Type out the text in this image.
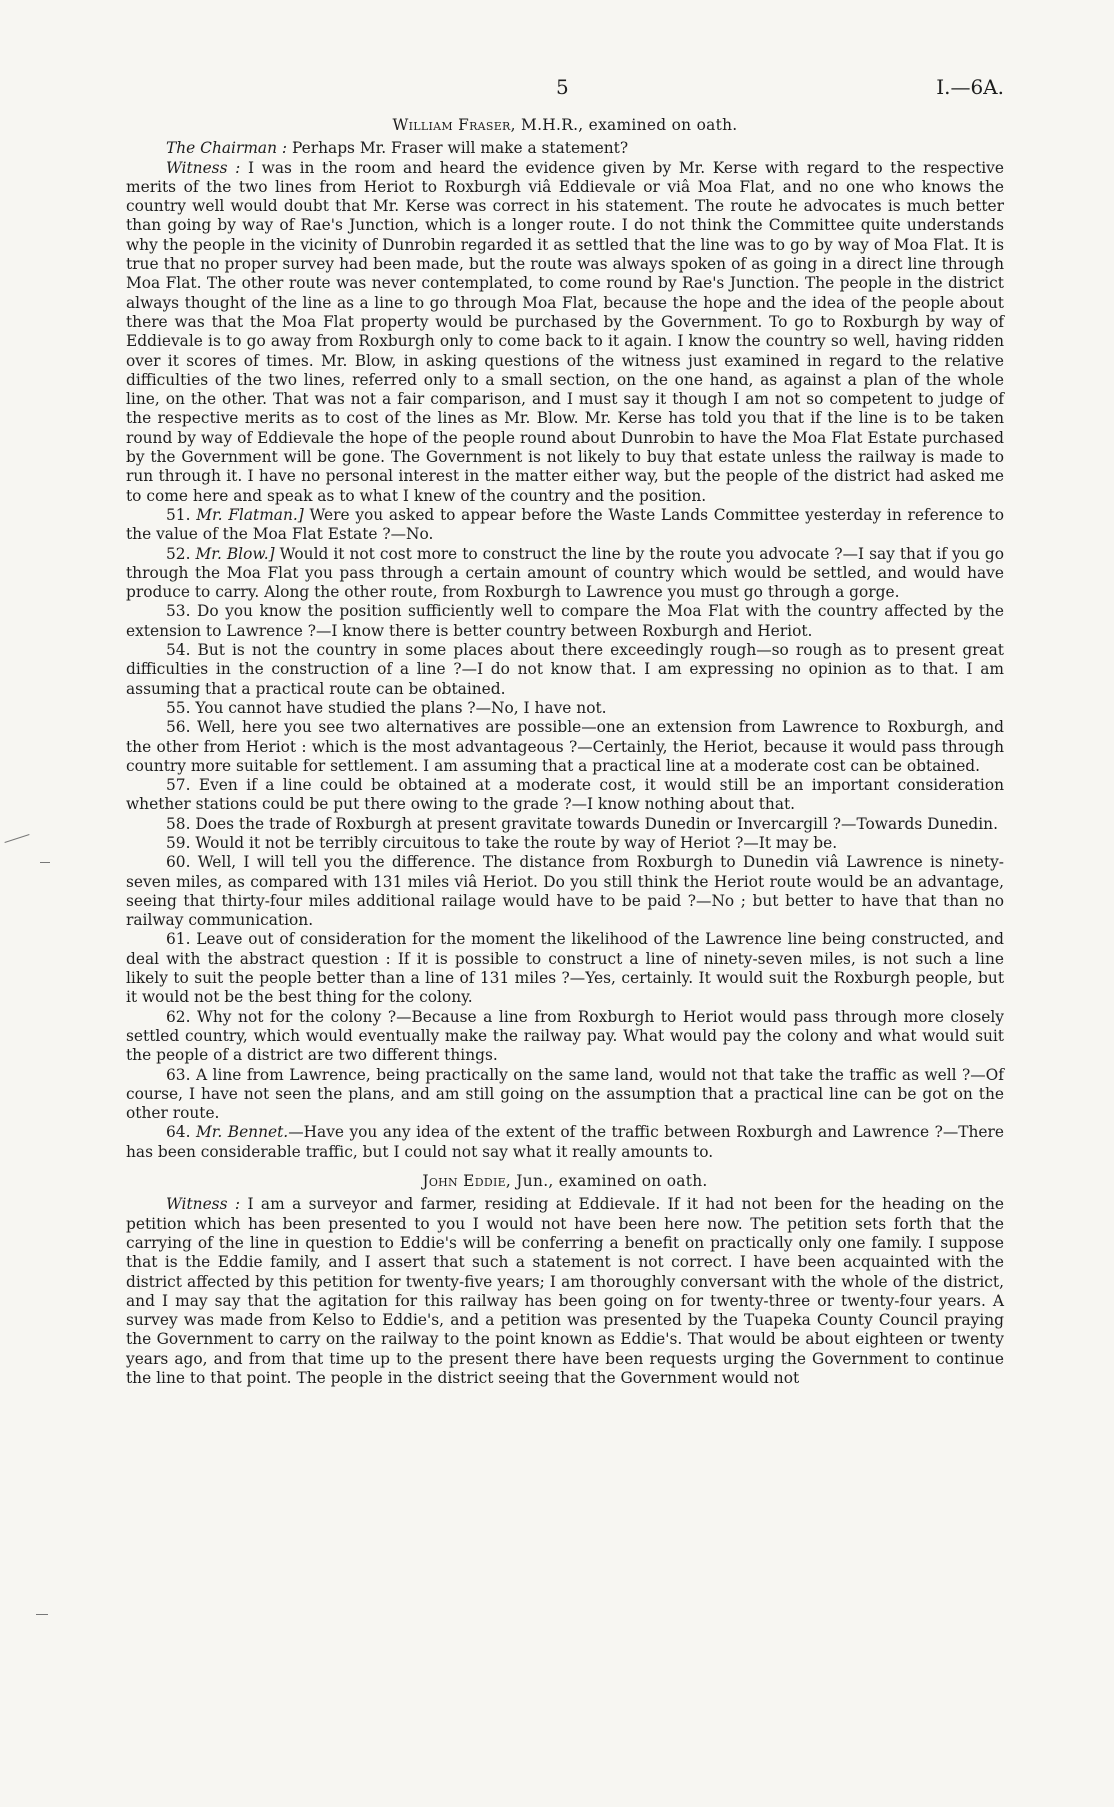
5	I.—6A.
William Fraser, M.H.R., examined on oath.

The Chairman : Perhaps Mr. Fraser will make a statement?

Witness : I was in the room and heard the evidence given by Mr. Kerse with regard to the respective merits of the two lines from Heriot to Roxburgh viâ Eddievale or viâ Moa Flat, and no one who knows the country well would doubt that Mr. Kerse was correct in his statement. The route he advocates is much better than going by way of Rae's Junction, which is a longer route. I do not think the Committee quite understands why the people in the vicinity of Dunrobin regarded it as settled that the line was to go by way of Moa Flat. It is true that no proper survey had been made, but the route was always spoken of as going in a direct line through Moa Flat. The other route was never contemplated, to come round by Rae's Junction. The people in the district always thought of the line as a line to go through Moa Flat, because the hope and the idea of the people about there was that the Moa Flat property would be purchased by the Government. To go to Roxburgh by way of Eddievale is to go away from Roxburgh only to come back to it again. I know the country so well, having ridden over it scores of times. Mr. Blow, in asking questions of the witness just examined in regard to the relative difficulties of the two lines, referred only to a small section, on the one hand, as against a plan of the whole line, on the other. That was not a fair comparison, and I must say it though I am not so competent to judge of the respective merits as to cost of the lines as Mr. Blow. Mr. Kerse has told you that if the line is to be taken round by way of Eddievale the hope of the people round about Dunrobin to have the Moa Flat Estate purchased by the Government will be gone. The Government is not likely to buy that estate unless the railway is made to run through it. I have no personal interest in the matter either way, but the people of the district had asked me to come here and speak as to what I knew of the country and the position.

51. Mr. Flatman.] Were you asked to appear before the Waste Lands Committee yesterday in reference to the value of the Moa Flat Estate ?—No.

52. Mr. Blow.] Would it not cost more to construct the line by the route you advocate ?—I say that if you go through the Moa Flat you pass through a certain amount of country which would be settled, and would have produce to carry. Along the other route, from Roxburgh to Lawrence you must go through a gorge.

53. Do you know the position sufficiently well to compare the Moa Flat with the country affected by the extension to Lawrence ?—I know there is better country between Roxburgh and Heriot.

54. But is not the country in some places about there exceedingly rough—so rough as to present great difficulties in the construction of a line ?—I do not know that. I am expressing no opinion as to that. I am assuming that a practical route can be obtained.

55. You cannot have studied the plans ?—No, I have not.

56. Well, here you see two alternatives are possible—one an extension from Lawrence to Roxburgh, and the other from Heriot : which is the most advantageous ?—Certainly, the Heriot, because it would pass through country more suitable for settlement. I am assuming that a practical line at a moderate cost can be obtained.

57. Even if a line could be obtained at a moderate cost, it would still be an important consideration whether stations could be put there owing to the grade ?—I know nothing about that.

58. Does the trade of Roxburgh at present gravitate towards Dunedin or Invercargill ?—Towards Dunedin.

59. Would it not be terribly circuitous to take the route by way of Heriot ?—It may be.

60. Well, I will tell you the difference. The distance from Roxburgh to Dunedin viâ Lawrence is ninety-seven miles, as compared with 131 miles viâ Heriot. Do you still think the Heriot route would be an advantage, seeing that thirty-four miles additional railage would have to be paid ?—No ; but better to have that than no railway communication.

61. Leave out of consideration for the moment the likelihood of the Lawrence line being constructed, and deal with the abstract question : If it is possible to construct a line of ninety-seven miles, is not such a line likely to suit the people better than a line of 131 miles ?—Yes, certainly. It would suit the Roxburgh people, but it would not be the best thing for the colony.

62. Why not for the colony ?—Because a line from Roxburgh to Heriot would pass through more closely settled country, which would eventually make the railway pay. What would pay the colony and what would suit the people of a district are two different things.

63. A line from Lawrence, being practically on the same land, would not that take the traffic as well ?—Of course, I have not seen the plans, and am still going on the assumption that a practical line can be got on the other route.

64. Mr. Bennet.—Have you any idea of the extent of the traffic between Roxburgh and Lawrence ?—There has been considerable traffic, but I could not say what it really amounts to.

John Eddie, Jun., examined on oath.

Witness : I am a surveyor and farmer, residing at Eddievale. If it had not been for the heading on the petition which has been presented to you I would not have been here now. The petition sets forth that the carrying of the line in question to Eddie's will be conferring a benefit on practically only one family. I suppose that is the Eddie family, and I assert that such a statement is not correct. I have been acquainted with the district affected by this petition for twenty-five years; I am thoroughly conversant with the whole of the district, and I may say that the agitation for this railway has been going on for twenty-three or twenty-four years. A survey was made from Kelso to Eddie's, and a petition was presented by the Tuapeka County Council praying the Government to carry on the railway to the point known as Eddie's. That would be about eighteen or twenty years ago, and from that time up to the present there have been requests urging the Government to continue the line to that point. The people in the district seeing that the Government would not
